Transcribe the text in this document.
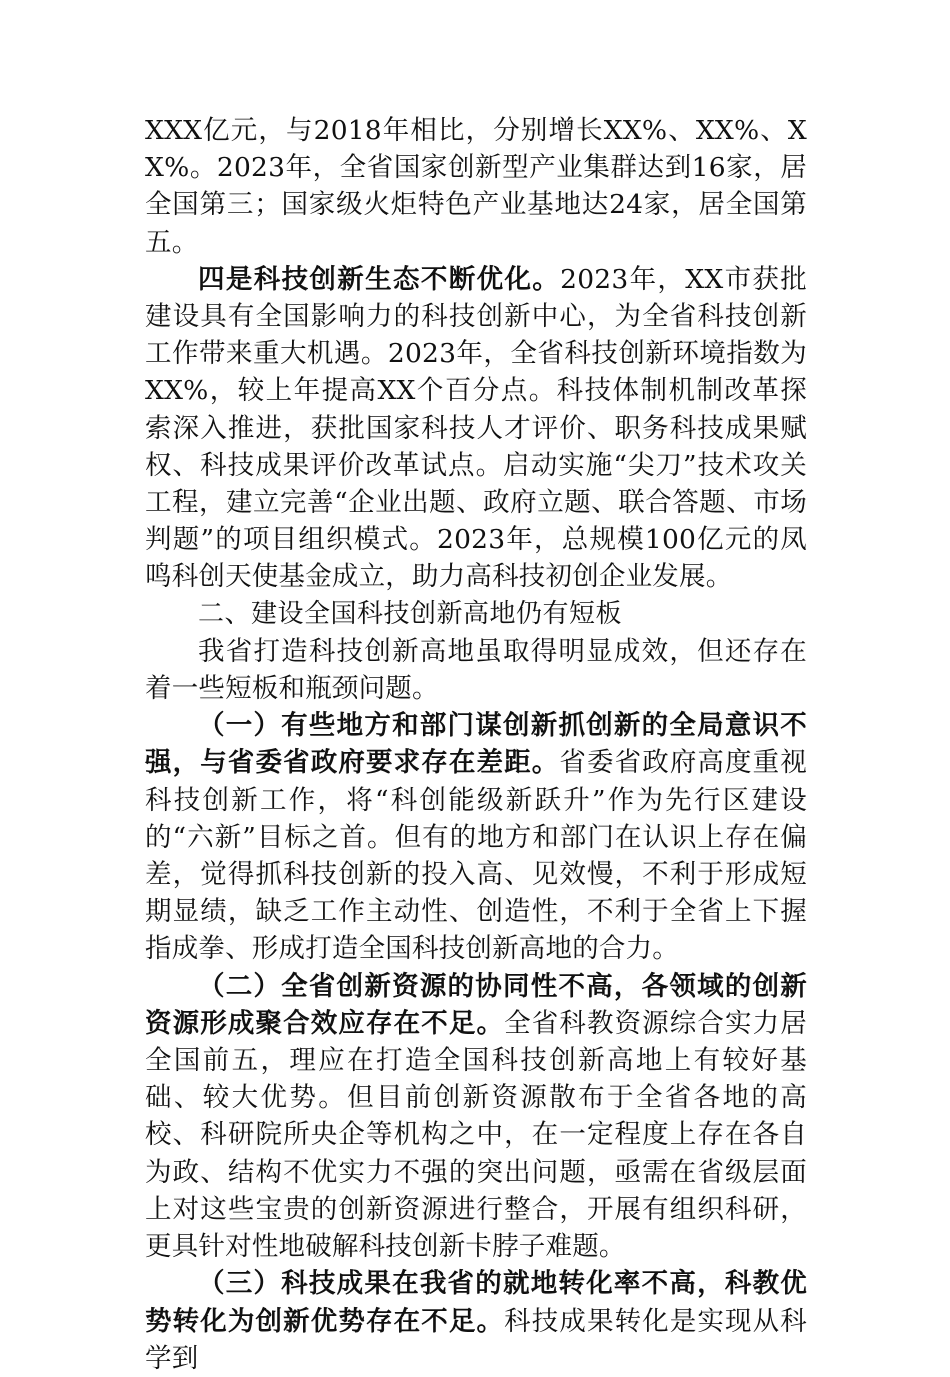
XXX亿元，与2018年相比，分别增长XX%、XX%、XX%。2023年，全省国家创新型产业集群达到16家，居全国第三；国家级火炬特色产业基地达24家，居全国第五。

四是科技创新生态不断优化。2023年，XX市获批建设具有全国影响力的科技创新中心，为全省科技创新工作带来重大机遇。2023年，全省科技创新环境指数为XX%，较上年提高XX个百分点。科技体制机制改革探索深入推进，获批国家科技人才评价、职务科技成果赋权、科技成果评价改革试点。启动实施“尖刀”技术攻关工程，建立完善“企业出题、政府立题、联合答题、市场判题”的项目组织模式。2023年，总规模100亿元的凤鸣科创天使基金成立，助力高科技初创企业发展。

二、建设全国科技创新高地仍有短板

我省打造科技创新高地虽取得明显成效，但还存在着一些短板和瓶颈问题。

（一）有些地方和部门谋创新抓创新的全局意识不强，与省委省政府要求存在差距。省委省政府高度重视科技创新工作，将“科创能级新跃升”作为先行区建设的“六新”目标之首。但有的地方和部门在认识上存在偏差，觉得抓科技创新的投入高、见效慢，不利于形成短期显绩，缺乏工作主动性、创造性，不利于全省上下握指成拳、形成打造全国科技创新高地的合力。

（二）全省创新资源的协同性不高，各领域的创新资源形成聚合效应存在不足。全省科教资源综合实力居全国前五，理应在打造全国科技创新高地上有较好基础、较大优势。但目前创新资源散布于全省各地的高校、科研院所央企等机构之中，在一定程度上存在各自为政、结构不优实力不强的突出问题，亟需在省级层面上对这些宝贵的创新资源进行整合，开展有组织科研，更具针对性地破解科技创新卡脖子难题。

（三）科技成果在我省的就地转化率不高，科教优势转化为创新优势存在不足。科技成果转化是实现从科学到
